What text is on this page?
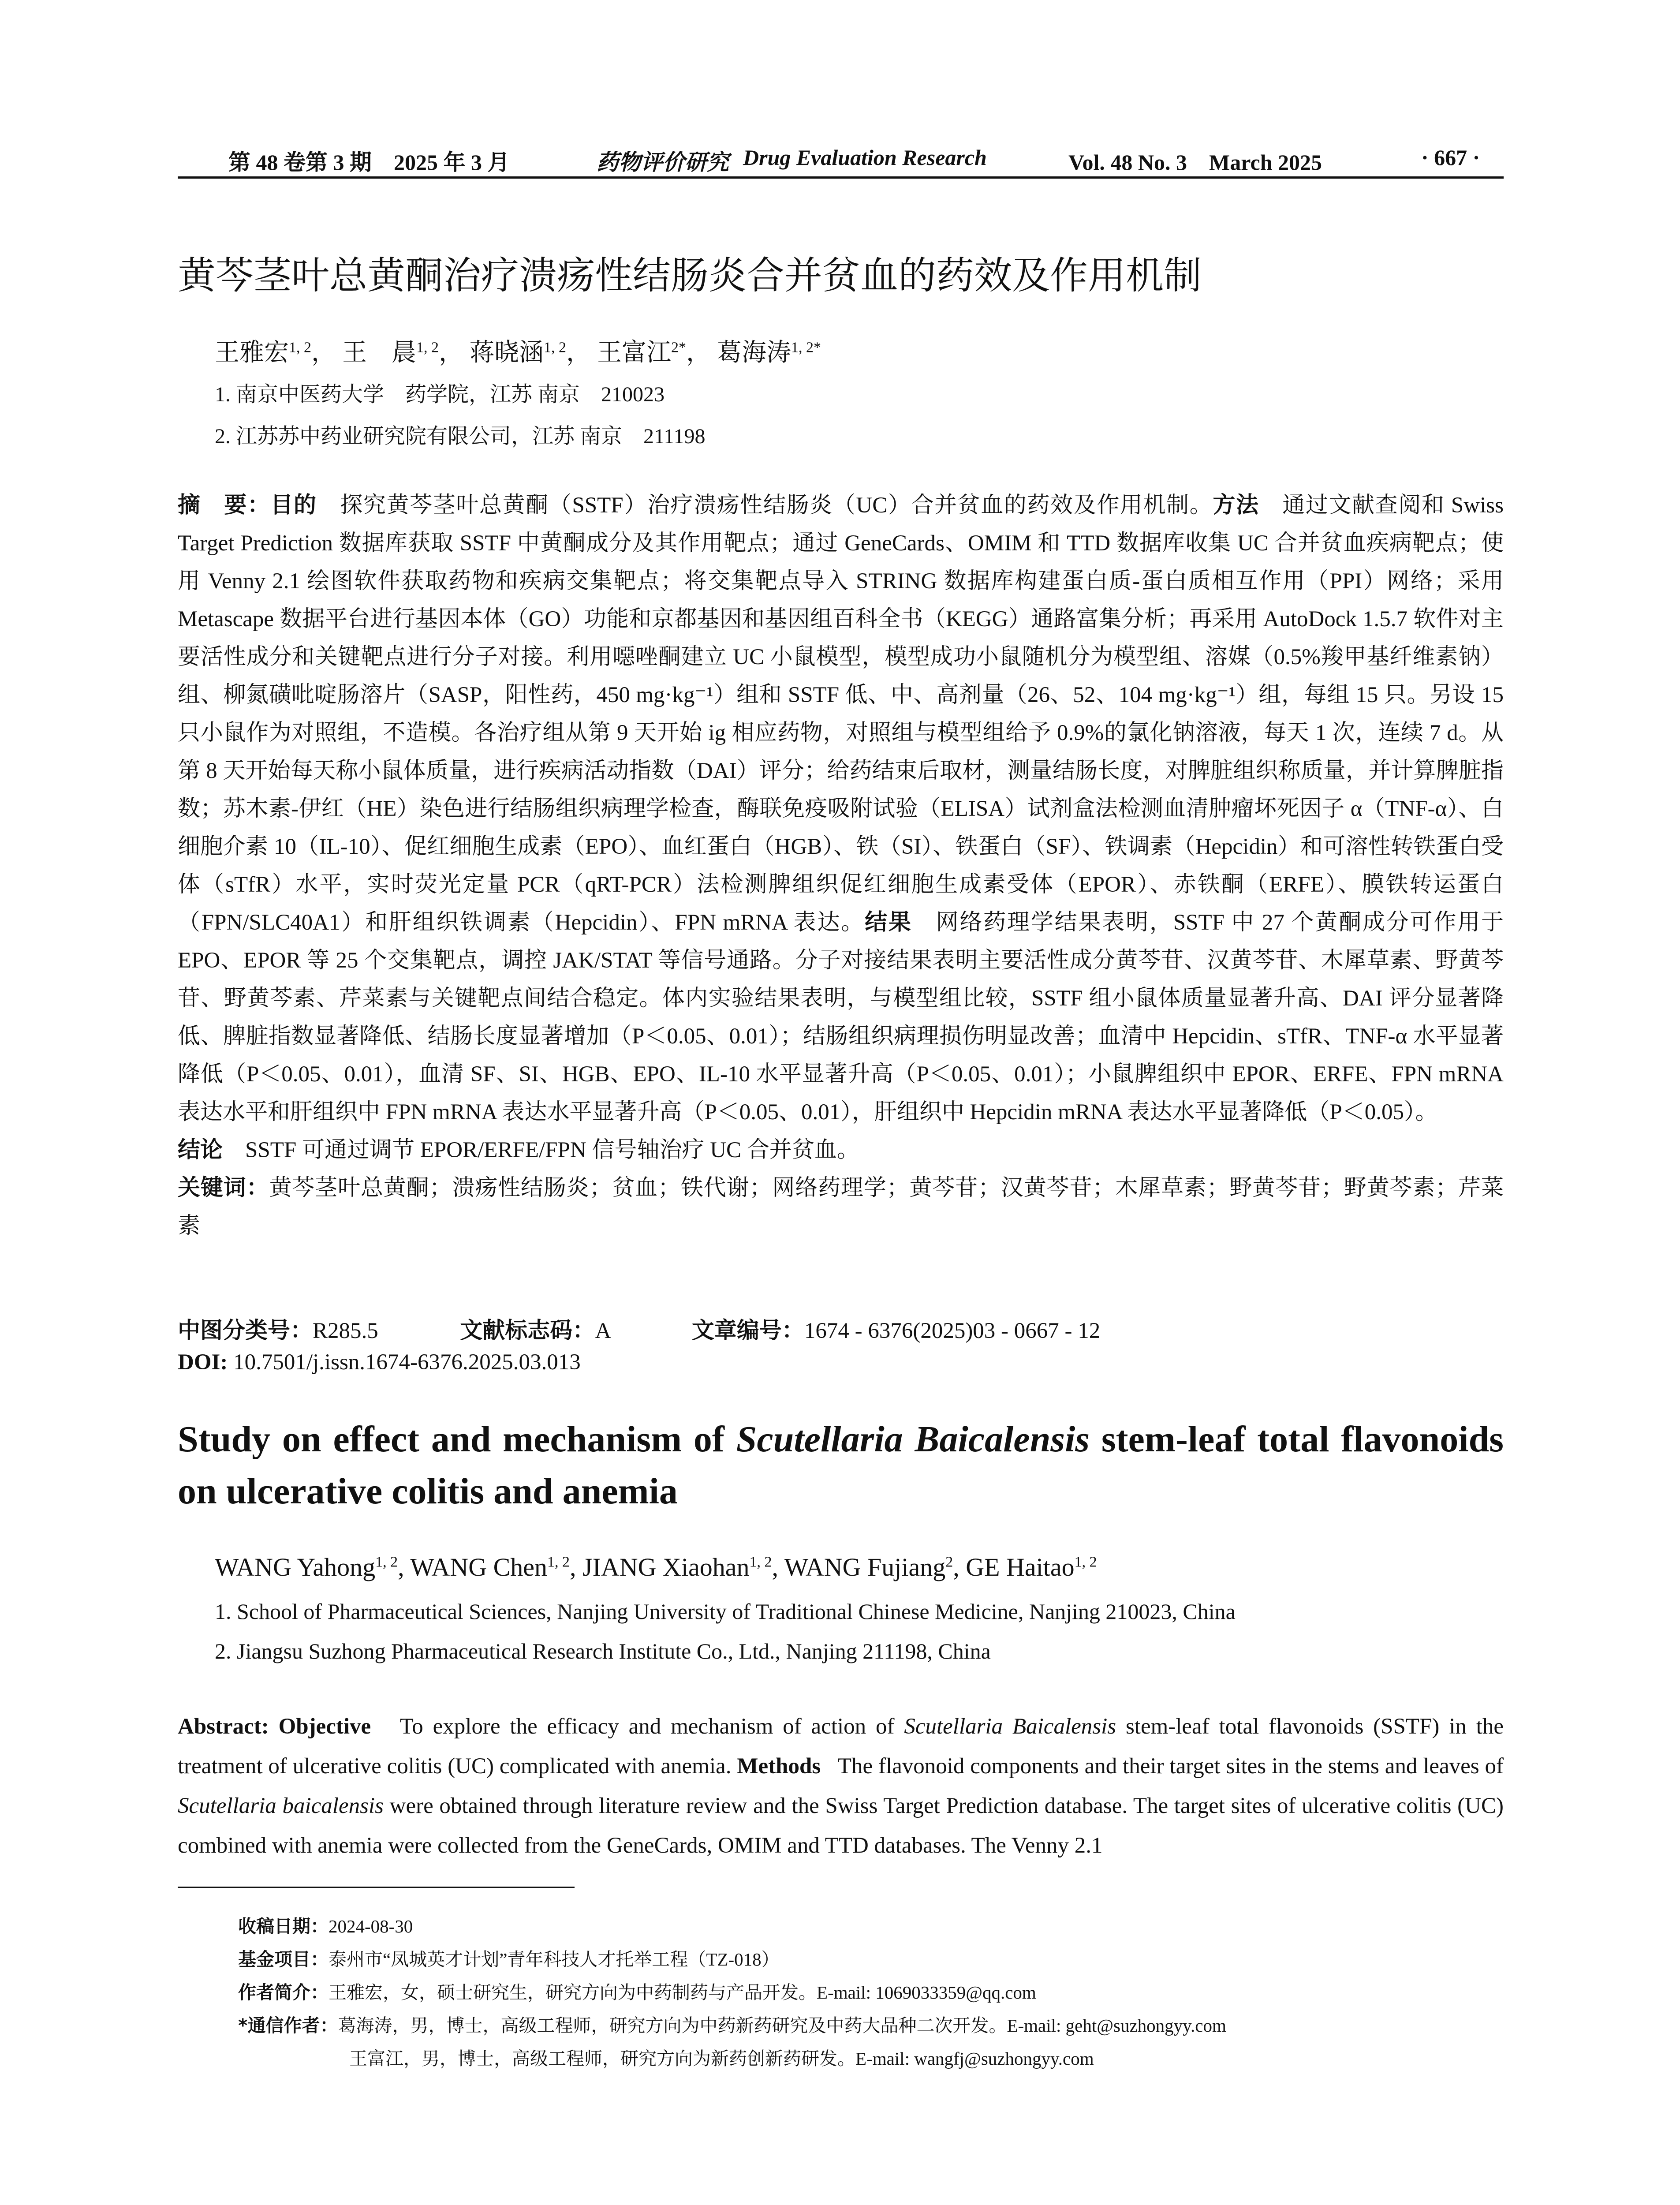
第 48 卷第 3 期　2025 年 3 月	药物评价研究 Drug Evaluation Research	Vol. 48 No. 3　March 2025	· 667 ·
黄芩茎叶总黄酮治疗溃疡性结肠炎合并贫血的药效及作用机制
王雅宏$^{1, 2}$， 王　晨$^{1, 2}$， 蒋晓涵$^{1, 2}$， 王富江$^{2*}$， 葛海涛$^{1, 2*}$
1. 南京中医药大学　药学院，江苏 南京　210023
2. 江苏苏中药业研究院有限公司，江苏 南京　211198
摘　要：目的　 探究黄芩茎叶总黄酮（SSTF）治疗溃疡性结肠炎（UC）合并贫血的药效及作用机制。方法　 通过文献查阅和 Swiss Target Prediction 数据库获取 SSTF 中黄酮成分及其作用靶点；通过 GeneCards、OMIM 和 TTD 数据库收集 UC 合并贫血疾病靶点；使用 Venny 2.1 绘图软件获取药物和疾病交集靶点；将交集靶点导入 STRING 数据库构建蛋白质-蛋白质相互作用（PPI）网络；采用 Metascape 数据平台进行基因本体（GO）功能和京都基因和基因组百科全书（KEGG）通路富集分析；再采用 AutoDock 1.5.7 软件对主要活性成分和关键靶点进行分子对接。利用噁唑酮建立 UC 小鼠模型，模型成功小鼠随机分为模型组、溶媒（0.5%羧甲基纤维素钠）组、柳氮磺吡啶肠溶片（SASP，阳性药，450 mg·kg⁻¹）组和 SSTF 低、中、高剂量（26、52、104 mg·kg⁻¹）组，每组 15 只。另设 15 只小鼠作为对照组，不造模。各治疗组从第 9 天开始 ig 相应药物，对照组与模型组给予 0.9%的氯化钠溶液，每天 1 次，连续 7 d。从第 8 天开始每天称小鼠体质量，进行疾病活动指数（DAI）评分；给药结束后取材，测量结肠长度，对脾脏组织称质量，并计算脾脏指数；苏木素-伊红（HE）染色进行结肠组织病理学检查，酶联免疫吸附试验（ELISA）试剂盒法检测血清肿瘤坏死因子 α（TNF-α）、白细胞介素 10（IL-10）、促红细胞生成素（EPO）、血红蛋白（HGB）、铁（SI）、铁蛋白（SF）、铁调素（Hepcidin）和可溶性转铁蛋白受体（sTfR）水平，实时荧光定量 PCR（qRT-PCR）法检测脾组织促红细胞生成素受体（EPOR）、赤铁酮（ERFE）、膜铁转运蛋白（FPN/SLC40A1）和肝组织铁调素（Hepcidin）、FPN mRNA 表达。结果　 网络药理学结果表明，SSTF 中 27 个黄酮成分可作用于 EPO、EPOR 等 25 个交集靶点，调控 JAK/STAT 等信号通路。分子对接结果表明主要活性成分黄芩苷、汉黄芩苷、木犀草素、野黄芩苷、野黄芩素、芹菜素与关键靶点间结合稳定。体内实验结果表明，与模型组比较，SSTF 组小鼠体质量显著升高、DAI 评分显著降低、脾脏指数显著降低、结肠长度显著增加（P＜0.05、0.01）；结肠组织病理损伤明显改善；血清中 Hepcidin、sTfR、TNF-α 水平显著降低（P＜0.05、0.01），血清 SF、SI、HGB、EPO、IL-10 水平显著升高（P＜0.05、0.01）；小鼠脾组织中 EPOR、ERFE、FPN mRNA 表达水平和肝组织中 FPN mRNA 表达水平显著升高（P＜0.05、0.01），肝组织中 Hepcidin mRNA 表达水平显著降低（P＜0.05）。
结论　 SSTF 可通过调节 EPOR/ERFE/FPN 信号轴治疗 UC 合并贫血。
关键词：黄芩茎叶总黄酮；溃疡性结肠炎；贫血；铁代谢；网络药理学；黄芩苷；汉黄芩苷；木犀草素；野黄芩苷；野黄芩素；芹菜素
中图分类号：R285.5	文献标志码：A	文章编号：1674 - 6376(2025)03 - 0667 - 12
DOI: 10.7501/j.issn.1674-6376.2025.03.013
Study on effect and mechanism of Scutellaria Baicalensis stem-leaf total flavonoids on ulcerative colitis and anemia
WANG Yahong$^{1, 2}$, WANG Chen$^{1, 2}$, JIANG Xiaohan$^{1, 2}$, WANG Fujiang$^2$, GE Haitao$^{1, 2}$
1. School of Pharmaceutical Sciences, Nanjing University of Traditional Chinese Medicine, Nanjing 210023, China
2. Jiangsu Suzhong Pharmaceutical Research Institute Co., Ltd., Nanjing 211198, China
Abstract: Objective To explore the efficacy and mechanism of action of Scutellaria Baicalensis stem-leaf total flavonoids (SSTF) in the treatment of ulcerative colitis (UC) complicated with anemia. Methods The flavonoid components and their target sites in the stems and leaves of Scutellaria baicalensis were obtained through literature review and the Swiss Target Prediction database. The target sites of ulcerative colitis (UC) combined with anemia were collected from the GeneCards, OMIM and TTD databases. The Venny 2.1
收稿日期：2024-08-30
基金项目：泰州市“凤城英才计划”青年科技人才托举工程（TZ-018）
作者简介：王雅宏，女，硕士研究生，研究方向为中药制药与产品开发。E-mail: 1069033359@qq.com
*通信作者：葛海涛，男，博士，高级工程师，研究方向为中药新药研究及中药大品种二次开发。E-mail: geht@suzhongyy.com
王富江，男，博士，高级工程师，研究方向为新药创新药研发。E-mail: wangfj@suzhongyy.com
